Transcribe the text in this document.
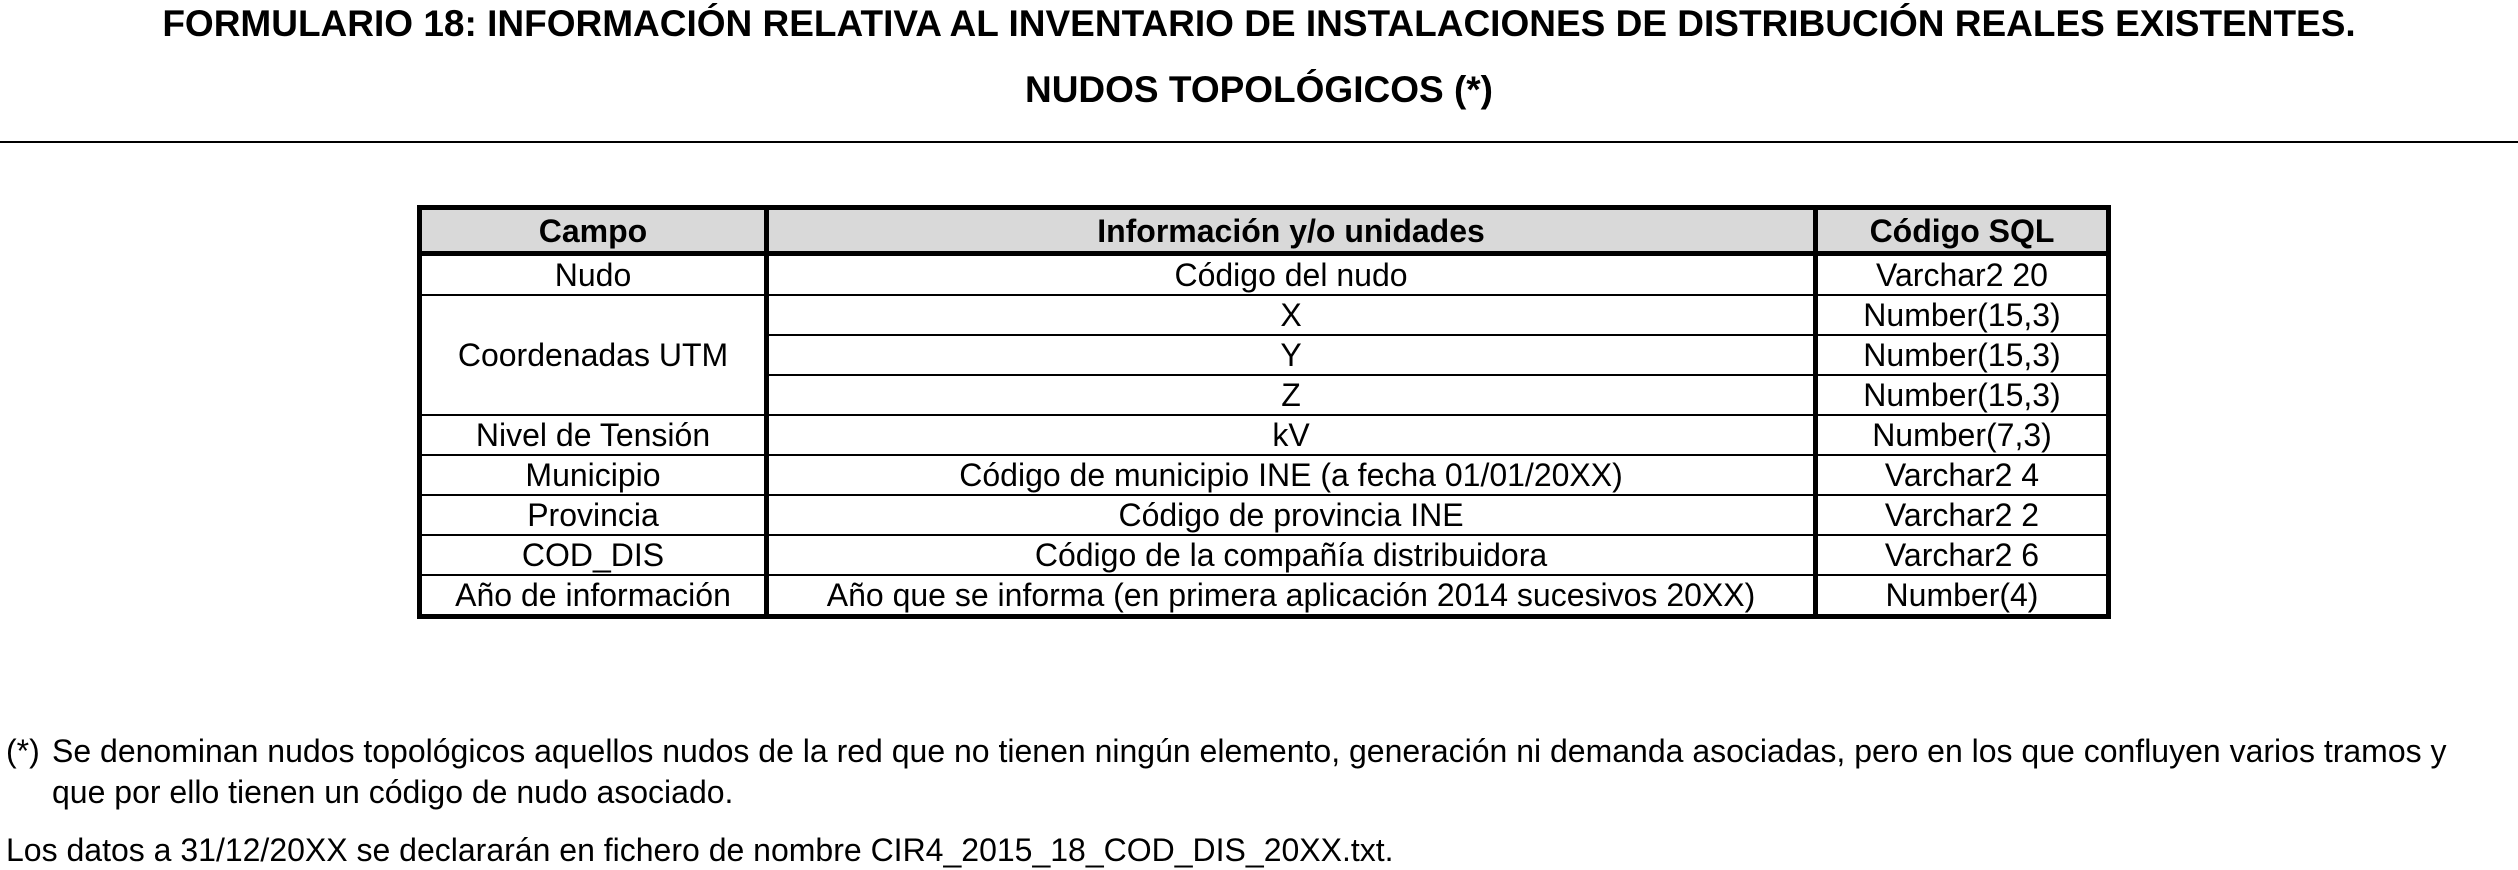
FORMULARIO 18: INFORMACIÓN RELATIVA AL INVENTARIO DE INSTALACIONES DE DISTRIBUCIÓN REALES EXISTENTES.
NUDOS TOPOLÓGICOS (*)
Campo	Información y/o unidades	Código SQL
Nudo	Código del nudo	Varchar2 20
Coordenadas UTM	X	Number(15,3)
	Y	Number(15,3)
	Z	Number(15,3)
Nivel de Tensión	kV	Number(7,3)
Municipio	Código de municipio INE (a fecha 01/01/20XX)	Varchar2 4
Provincia	Código de provincia INE	Varchar2 2
COD_DIS	Código de la compañía distribuidora	Varchar2 6
Año de información	Año que se informa (en primera aplicación 2014 sucesivos 20XX)	Number(4)
(*) Se denominan nudos topológicos aquellos nudos de la red que no tienen ningún elemento, generación ni demanda asociadas, pero en los que confluyen varios tramos y que por ello tienen un código de nudo asociado.
Los datos a 31/12/20XX se declararán en fichero de nombre CIR4_2015_18_COD_DIS_20XX.txt.
